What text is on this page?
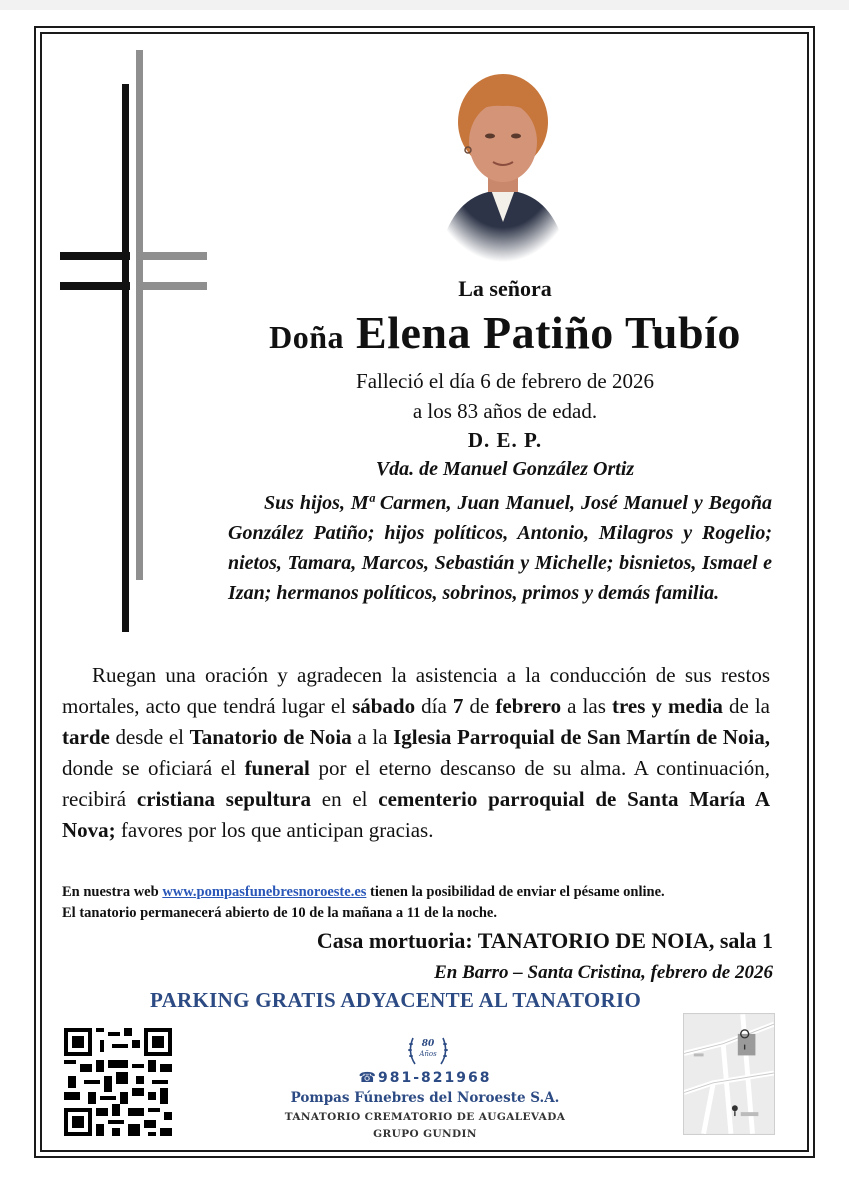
La señora
Doña Elena Patiño Tubío
Falleció el día 6 de febrero de 2026
a los 83 años de edad.
D. E. P.
Vda. de Manuel González Ortiz
Sus hijos, Mª Carmen, Juan Manuel, José Manuel y Begoña González Patiño; hijos políticos, Antonio, Milagros y Rogelio; nietos, Tamara, Marcos, Sebastián y Michelle; bisnietos, Ismael e Izan; hermanos políticos, sobrinos, primos y demás familia.
Ruegan una oración y agradecen la asistencia a la conducción de sus restos mortales, acto que tendrá lugar el sábado día 7 de febrero a las tres y media de la tarde desde el Tanatorio de Noia a la Iglesia Parroquial de San Martín de Noia, donde se oficiará el funeral por el eterno descanso de su alma. A continuación, recibirá cristiana sepultura en el cementerio parroquial de Santa María A Nova; favores por los que anticipan gracias.
En nuestra web www.pompasfunebresnoroeste.es tienen la posibilidad de enviar el pésame online.
El tanatorio permanecerá abierto de 10 de la mañana a 11 de la noche.
Casa mortuoria: TANATORIO DE NOIA, sala 1
En Barro – Santa Cristina, febrero de 2026
PARKING GRATIS ADYACENTE AL TANATORIO
80
Años
☎981-821968
Pompas Fúnebres del Noroeste S.A.
TANATORIO CREMATORIO DE AUGALEVADA
GRUPO GUNDIN
